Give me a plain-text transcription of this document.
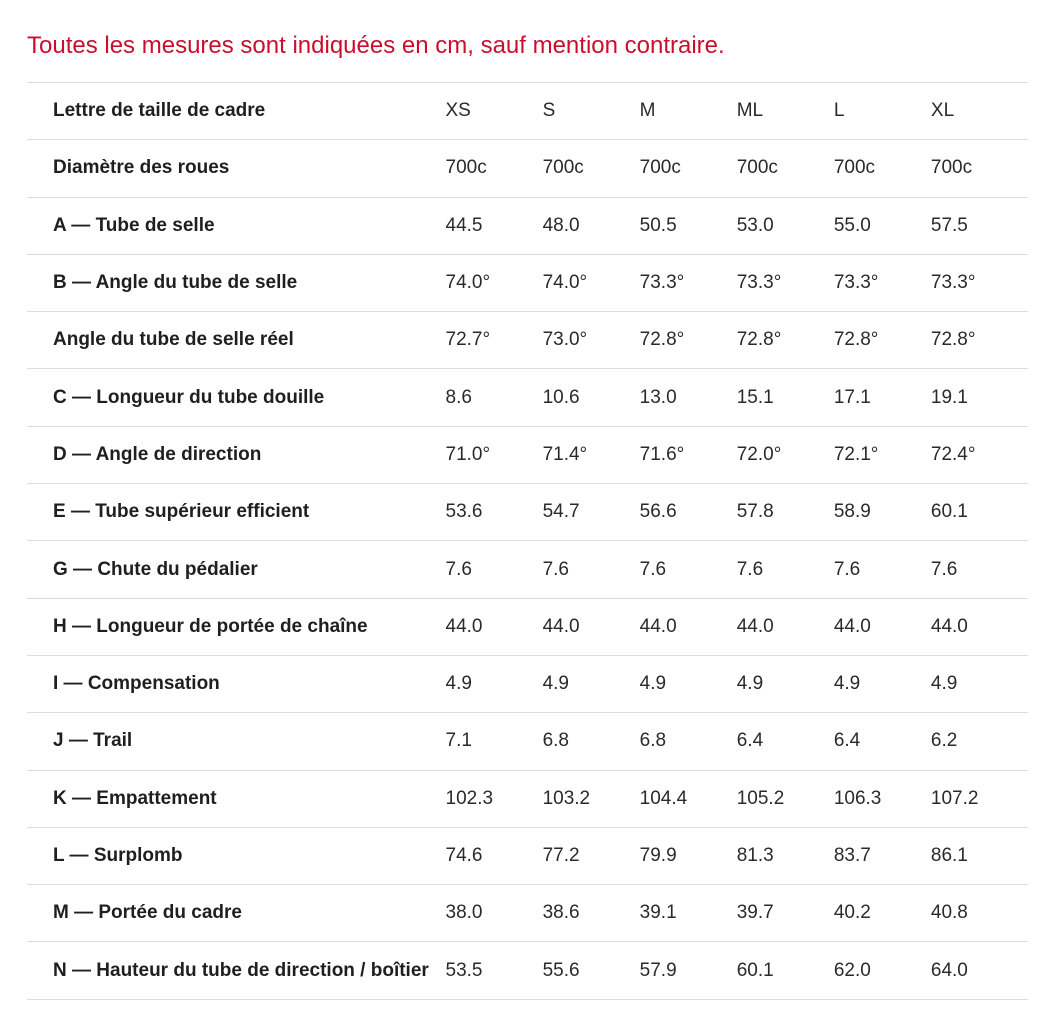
Toutes les mesures sont indiquées en cm, sauf mention contraire.
Lettre de taille de cadre	XS	S	M	ML	L	XL
Diamètre des roues	700c	700c	700c	700c	700c	700c
A — Tube de selle	44.5	48.0	50.5	53.0	55.0	57.5
B — Angle du tube de selle	74.0°	74.0°	73.3°	73.3°	73.3°	73.3°
Angle du tube de selle réel	72.7°	73.0°	72.8°	72.8°	72.8°	72.8°
C — Longueur du tube douille	8.6	10.6	13.0	15.1	17.1	19.1
D — Angle de direction	71.0°	71.4°	71.6°	72.0°	72.1°	72.4°
E — Tube supérieur efficient	53.6	54.7	56.6	57.8	58.9	60.1
G — Chute du pédalier	7.6	7.6	7.6	7.6	7.6	7.6
H — Longueur de portée de chaîne	44.0	44.0	44.0	44.0	44.0	44.0
I — Compensation	4.9	4.9	4.9	4.9	4.9	4.9
J — Trail	7.1	6.8	6.8	6.4	6.4	6.2
K — Empattement	102.3	103.2	104.4	105.2	106.3	107.2
L — Surplomb	74.6	77.2	79.9	81.3	83.7	86.1
M — Portée du cadre	38.0	38.6	39.1	39.7	40.2	40.8
N — Hauteur du tube de direction / boîtier	53.5	55.6	57.9	60.1	62.0	64.0
